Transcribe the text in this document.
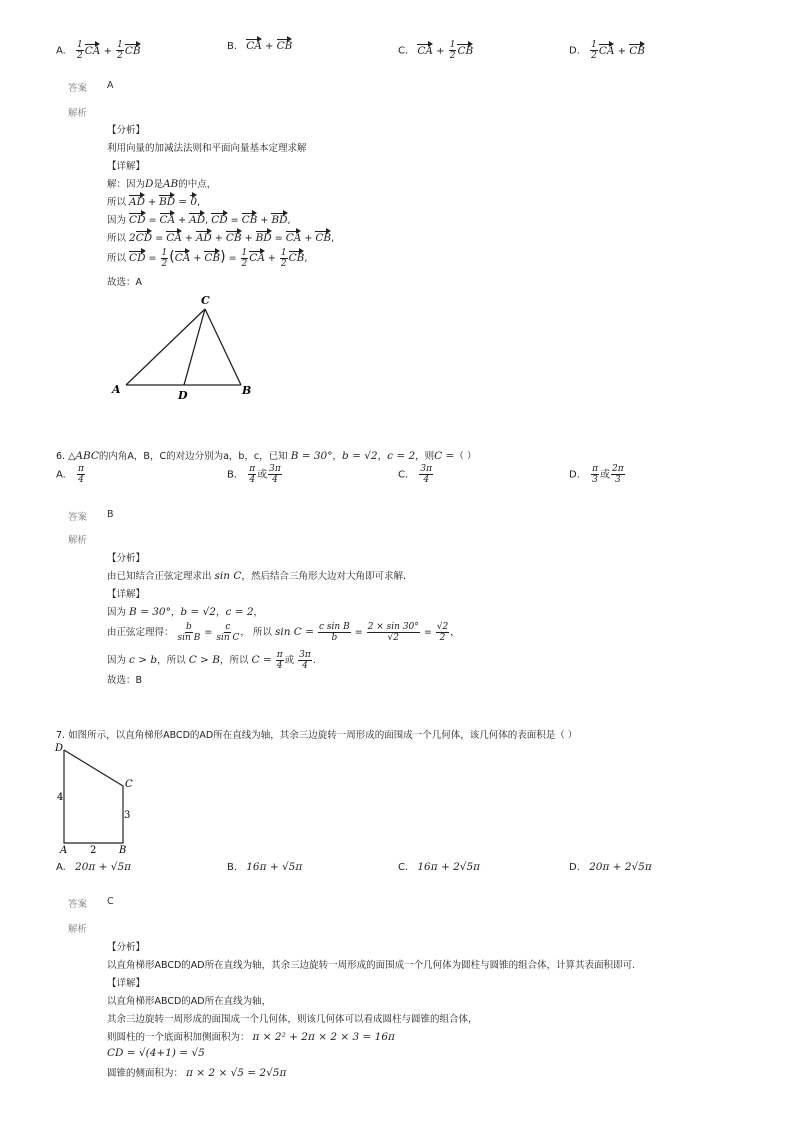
A. $\frac{1}{2}$ CA + $\frac{1}{2}$ CB	B. CA + CB	C. CA + $\frac{1}{2}$ CB	D. $\frac{1}{2}$ CA + CB
答案 A
解析
【分析】
利用向量的加减法法则和平面向量基本定理求解
【详解】
解：因为D是AB的中点，
所以 AD + BD = 0,
因为 CD = CA + AD, CD = CB + BD,
所以 2CD = CA + AD + CB + BD = CA + CB,
所以 CD = $\frac{1}{2} (CA + CB) = \frac{1}{2}$ CA + $\frac{1}{2}$ CB,
故选：A
C
A	D	B
6. △ABC的内角A，B，C的对边分别为a，b，c，已知 B = 30°，b = √2，c = 2，则C =（ ）
A. $\frac{\pi}{4}$	B. $\frac{\pi}{4}$ 或 $\frac{3\pi}{4}$	C. $\frac{3\pi}{4}$	D. $\frac{\pi}{3}$ 或 $\frac{2\pi}{3}$
答案 B
解析
【分析】
由已知结合正弦定理求出 sin C，然后结合三角形大边对大角即可求解.
【详解】
因为 B = 30°，b = √2，c = 2，
由正弦定理得： $\frac{b}{\text{sin B}} = \frac{c}{\text{sin C}}$ ， 所以 $\sin C = \frac{\text{c sin B}}{b} = \frac{2 \times \sin 30^\circ}{√2} = \frac{√2}{2}$ ，
因为 c > b，所以 C > B，所以 $C = \frac{\pi}{4}$ 或 $\frac{3\pi}{4}$ .
故选：B
7. 如图所示，以直角梯形ABCD的AD所在直线为轴，其余三边旋转一周形成的面围成一个几何体，该几何体的表面积是（ ）
D
C
A	B
4
3
2
A. 20π + √5π	B. 16π + √5π	C. 16π + 2√5π	D. 20π + 2√5π
答案 C
解析
【分析】
以直角梯形ABCD的AD所在直线为轴，其余三边旋转一周形成的面围成一个几何体为圆柱与圆锥的组合体，计算其表面积即可.
【详解】
以直角梯形ABCD的AD所在直线为轴，
其余三边旋转一周形成的面围成一个几何体，则该几何体可以看成圆柱与圆锥的组合体，
则圆柱的一个底面积加侧面积为： π × 2² + 2π × 2 × 3 = 16π
CD = √(4+1) = √5
圆锥的侧面积为： π × 2 × √5 = 2√5π
